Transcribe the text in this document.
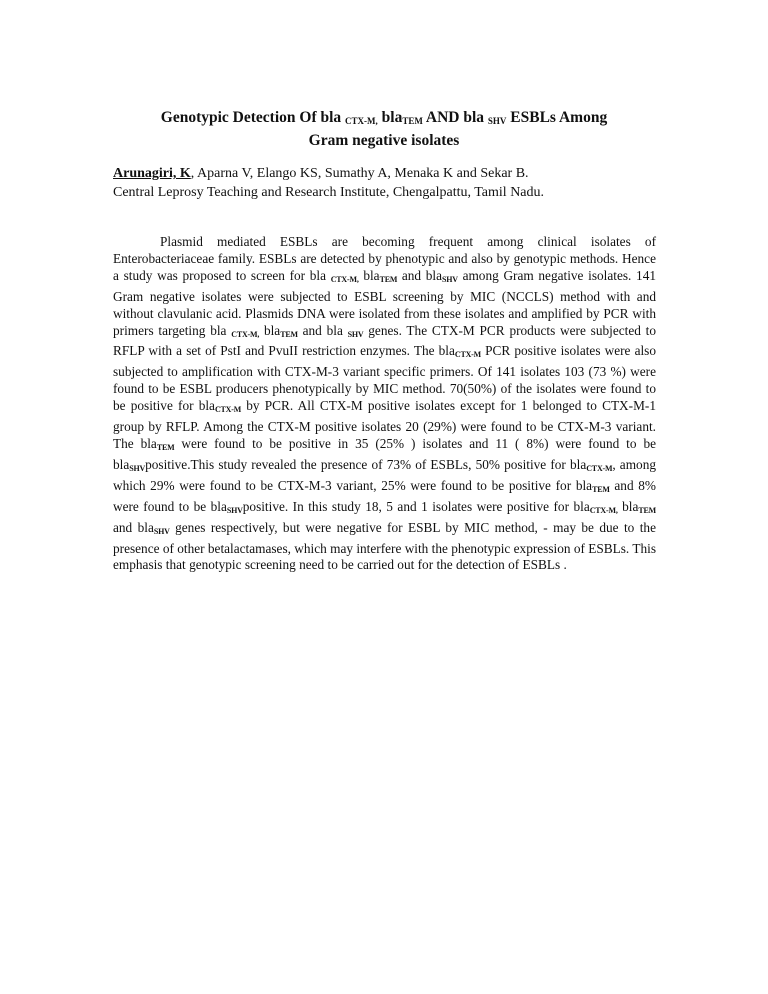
Genotypic Detection Of bla $_{CTX-M,}$ bla$_{TEM}$ AND bla $_{SHV}$ ESBLs Among
Gram negative isolates
Arunagiri, K, Aparna V, Elango KS, Sumathy A, Menaka K and Sekar B.
Central Leprosy Teaching and Research Institute, Chengalpattu, Tamil Nadu.

Plasmid mediated ESBLs are becoming frequent among clinical isolates of Enterobacteriaceae family. ESBLs are detected by phenotypic and also by genotypic methods. Hence a study was proposed to screen for bla CTX-M, blaTEM and blaSHV among Gram negative isolates. 141 Gram negative isolates were subjected to ESBL screening by MIC (NCCLS) method with and without clavulanic acid. Plasmids DNA were isolated from these isolates and amplified by PCR with primers targeting bla CTX-M, blaTEM and bla SHV genes. The CTX-M PCR products were subjected to RFLP with a set of PstI and PvuII restriction enzymes. The blaCTX-M PCR positive isolates were also subjected to amplification with CTX-M-3 variant specific primers. Of 141 isolates 103 (73 %) were found to be ESBL producers phenotypically by MIC method. 70(50%) of the isolates were found to be positive for blaCTX-M by PCR. All CTX-M positive isolates except for 1 belonged to CTX-M-1 group by RFLP. Among the CTX-M positive isolates 20 (29%) were found to be CTX-M-3 variant. The blaTEM were found to be positive in 35 (25% ) isolates and 11 ( 8%) were found to be blaSHVpositive.This study revealed the presence of 73% of ESBLs, 50% positive for blaCTX-M, among which 29% were found to be CTX-M-3 variant, 25% were found to be positive for blaTEM and 8% were found to be blaSHVpositive. In this study 18, 5 and 1 isolates were positive for blaCTX-M, blaTEM and blaSHV genes respectively, but were negative for ESBL by MIC method, - may be due to the presence of other betalactamases, which may interfere with the phenotypic expression of ESBLs. This emphasis that genotypic screening need to be carried out for the detection of ESBLs .
